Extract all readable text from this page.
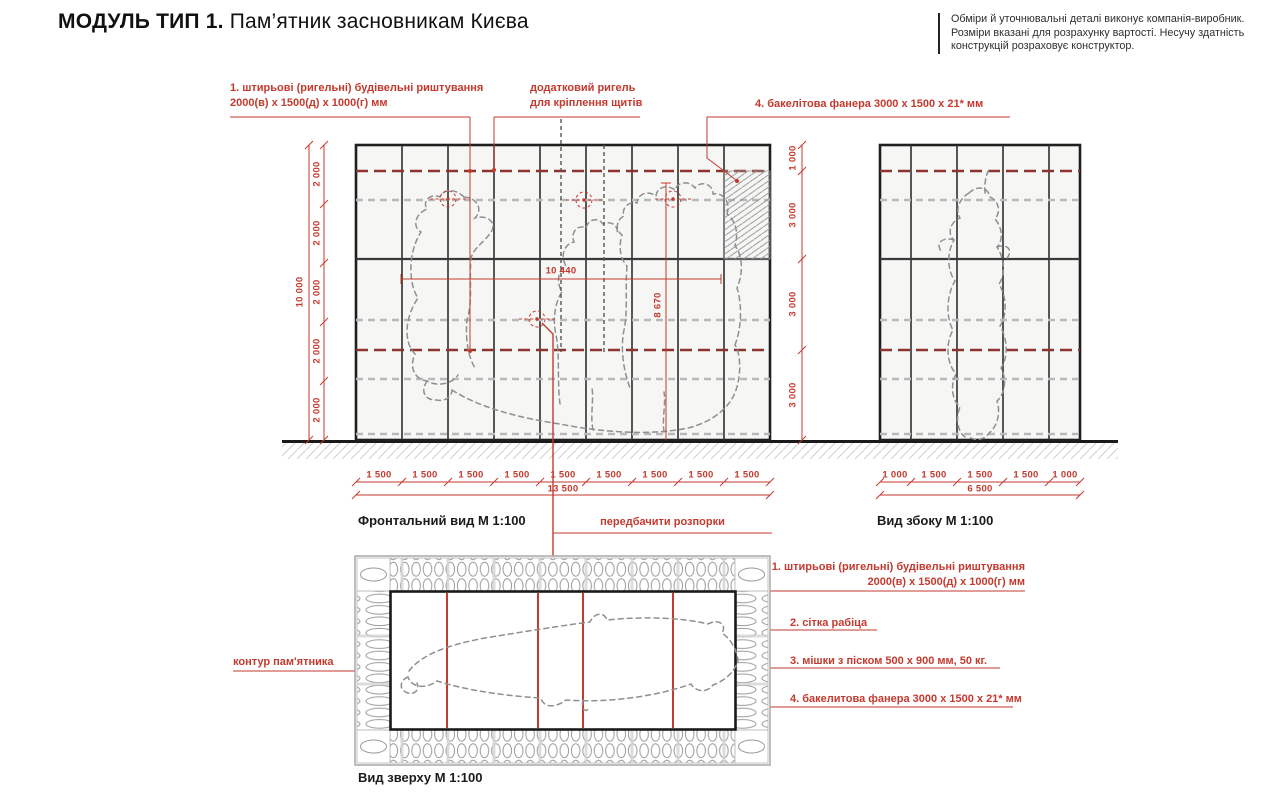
МОДУЛЬ ТИП 1. Пам’ятник засновникам Києва	Обміри й уточнювальні деталі виконує компанія-виробник.
Розміри вказані для розрахунку вартості. Несучу здатність
конструкцій розраховує конструктор.
1. штирьові (ригельні) будівельні риштування
2000(в) x 1500(д) x 1000(г) мм
додатковий ригель
для кріплення щитів	4. бакелітова фанера 3000 x 1500 x 21* мм
передбачити розпорки
контур пам'ятника
1. штирьові (ригельні) будівельні риштування
2000(в) x 1500(д) x 1000(г) мм
2. сітка рабіца
3. мішки з піском 500 x 900 мм, 50 кг.
4. бакелитова фанера 3000 x 1500 x 21* мм
Фронтальний вид М 1:100	Вид збоку М 1:100
Вид зверху М 1:100
2 000
2 000
2 000
2 000
2 000
10 000
1 000
3 000
3 000
3 000
1 500 1 500 1 500 1 500 1 500 1 500 1 500 1 500 1 500
13 500
10 440
8 670
1 000 1 500 1 500 1 500 1 000
6 500
